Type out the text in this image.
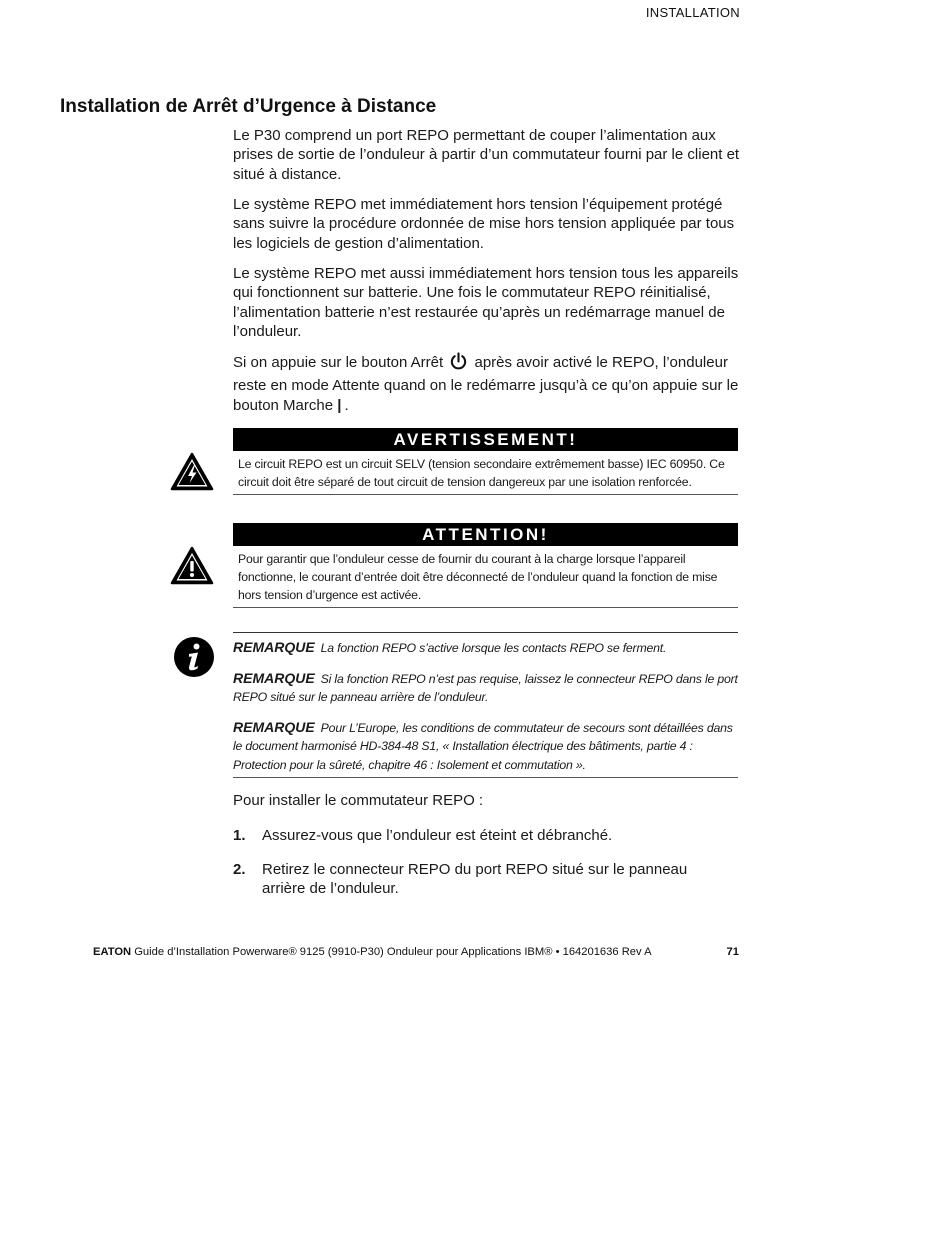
INSTALLATION
Installation de Arrêt d’Urgence à Distance

Le P30 comprend un port REPO permettant de couper l’alimentation aux prises de sortie de l’onduleur à partir d’un commutateur fourni par le client et situé à distance.

Le système REPO met immédiatement hors tension l’équipement protégé sans suivre la procédure ordonnée de mise hors tension appliquée par tous les logiciels de gestion d’alimentation.

Le système REPO met aussi immédiatement hors tension tous les appareils qui fonctionnent sur batterie. Une fois le commutateur REPO réinitialisé, l’alimentation batterie n’est restaurée qu’après un redémarrage manuel de l’onduleur.

Si on appuie sur le bouton Arrêt après avoir activé le REPO, l’onduleur reste en mode Attente quand on le redémarre jusqu’à ce qu’on appuie sur le bouton Marche | .

AVERTISSEMENT!
Le circuit REPO est un circuit SELV (tension secondaire extrêmement basse) IEC 60950. Ce circuit doit être séparé de tout circuit de tension dangereux par une isolation renforcée.
ATTENTION!
Pour garantir que l’onduleur cesse de fournir du courant à la charge lorsque l’appareil fonctionne, le courant d’entrée doit être déconnecté de l’onduleur quand la fonction de mise hors tension d’urgence est activée.

REMARQUE La fonction REPO s’active lorsque les contacts REPO se ferment.

REMARQUE Si la fonction REPO n’est pas requise, laissez le connecteur REPO dans le port REPO situé sur le panneau arrière de l’onduleur.

REMARQUE Pour L’Europe, les conditions de commutateur de secours sont détaillées dans le document harmonisé HD-384-48 S1, « Installation électrique des bâtiments, partie 4 : Protection pour la sûreté, chapitre 46 : Isolement et commutation ».

Pour installer le commutateur REPO :
1. Assurez-vous que l’onduleur est éteint et débranché.
2. Retirez le connecteur REPO du port REPO situé sur le panneau arrière de l’onduleur.
EATON Guide d’Installation Powerware® 9125 (9910-P30) Onduleur pour Applications IBM® • 164201636 Rev A	71
